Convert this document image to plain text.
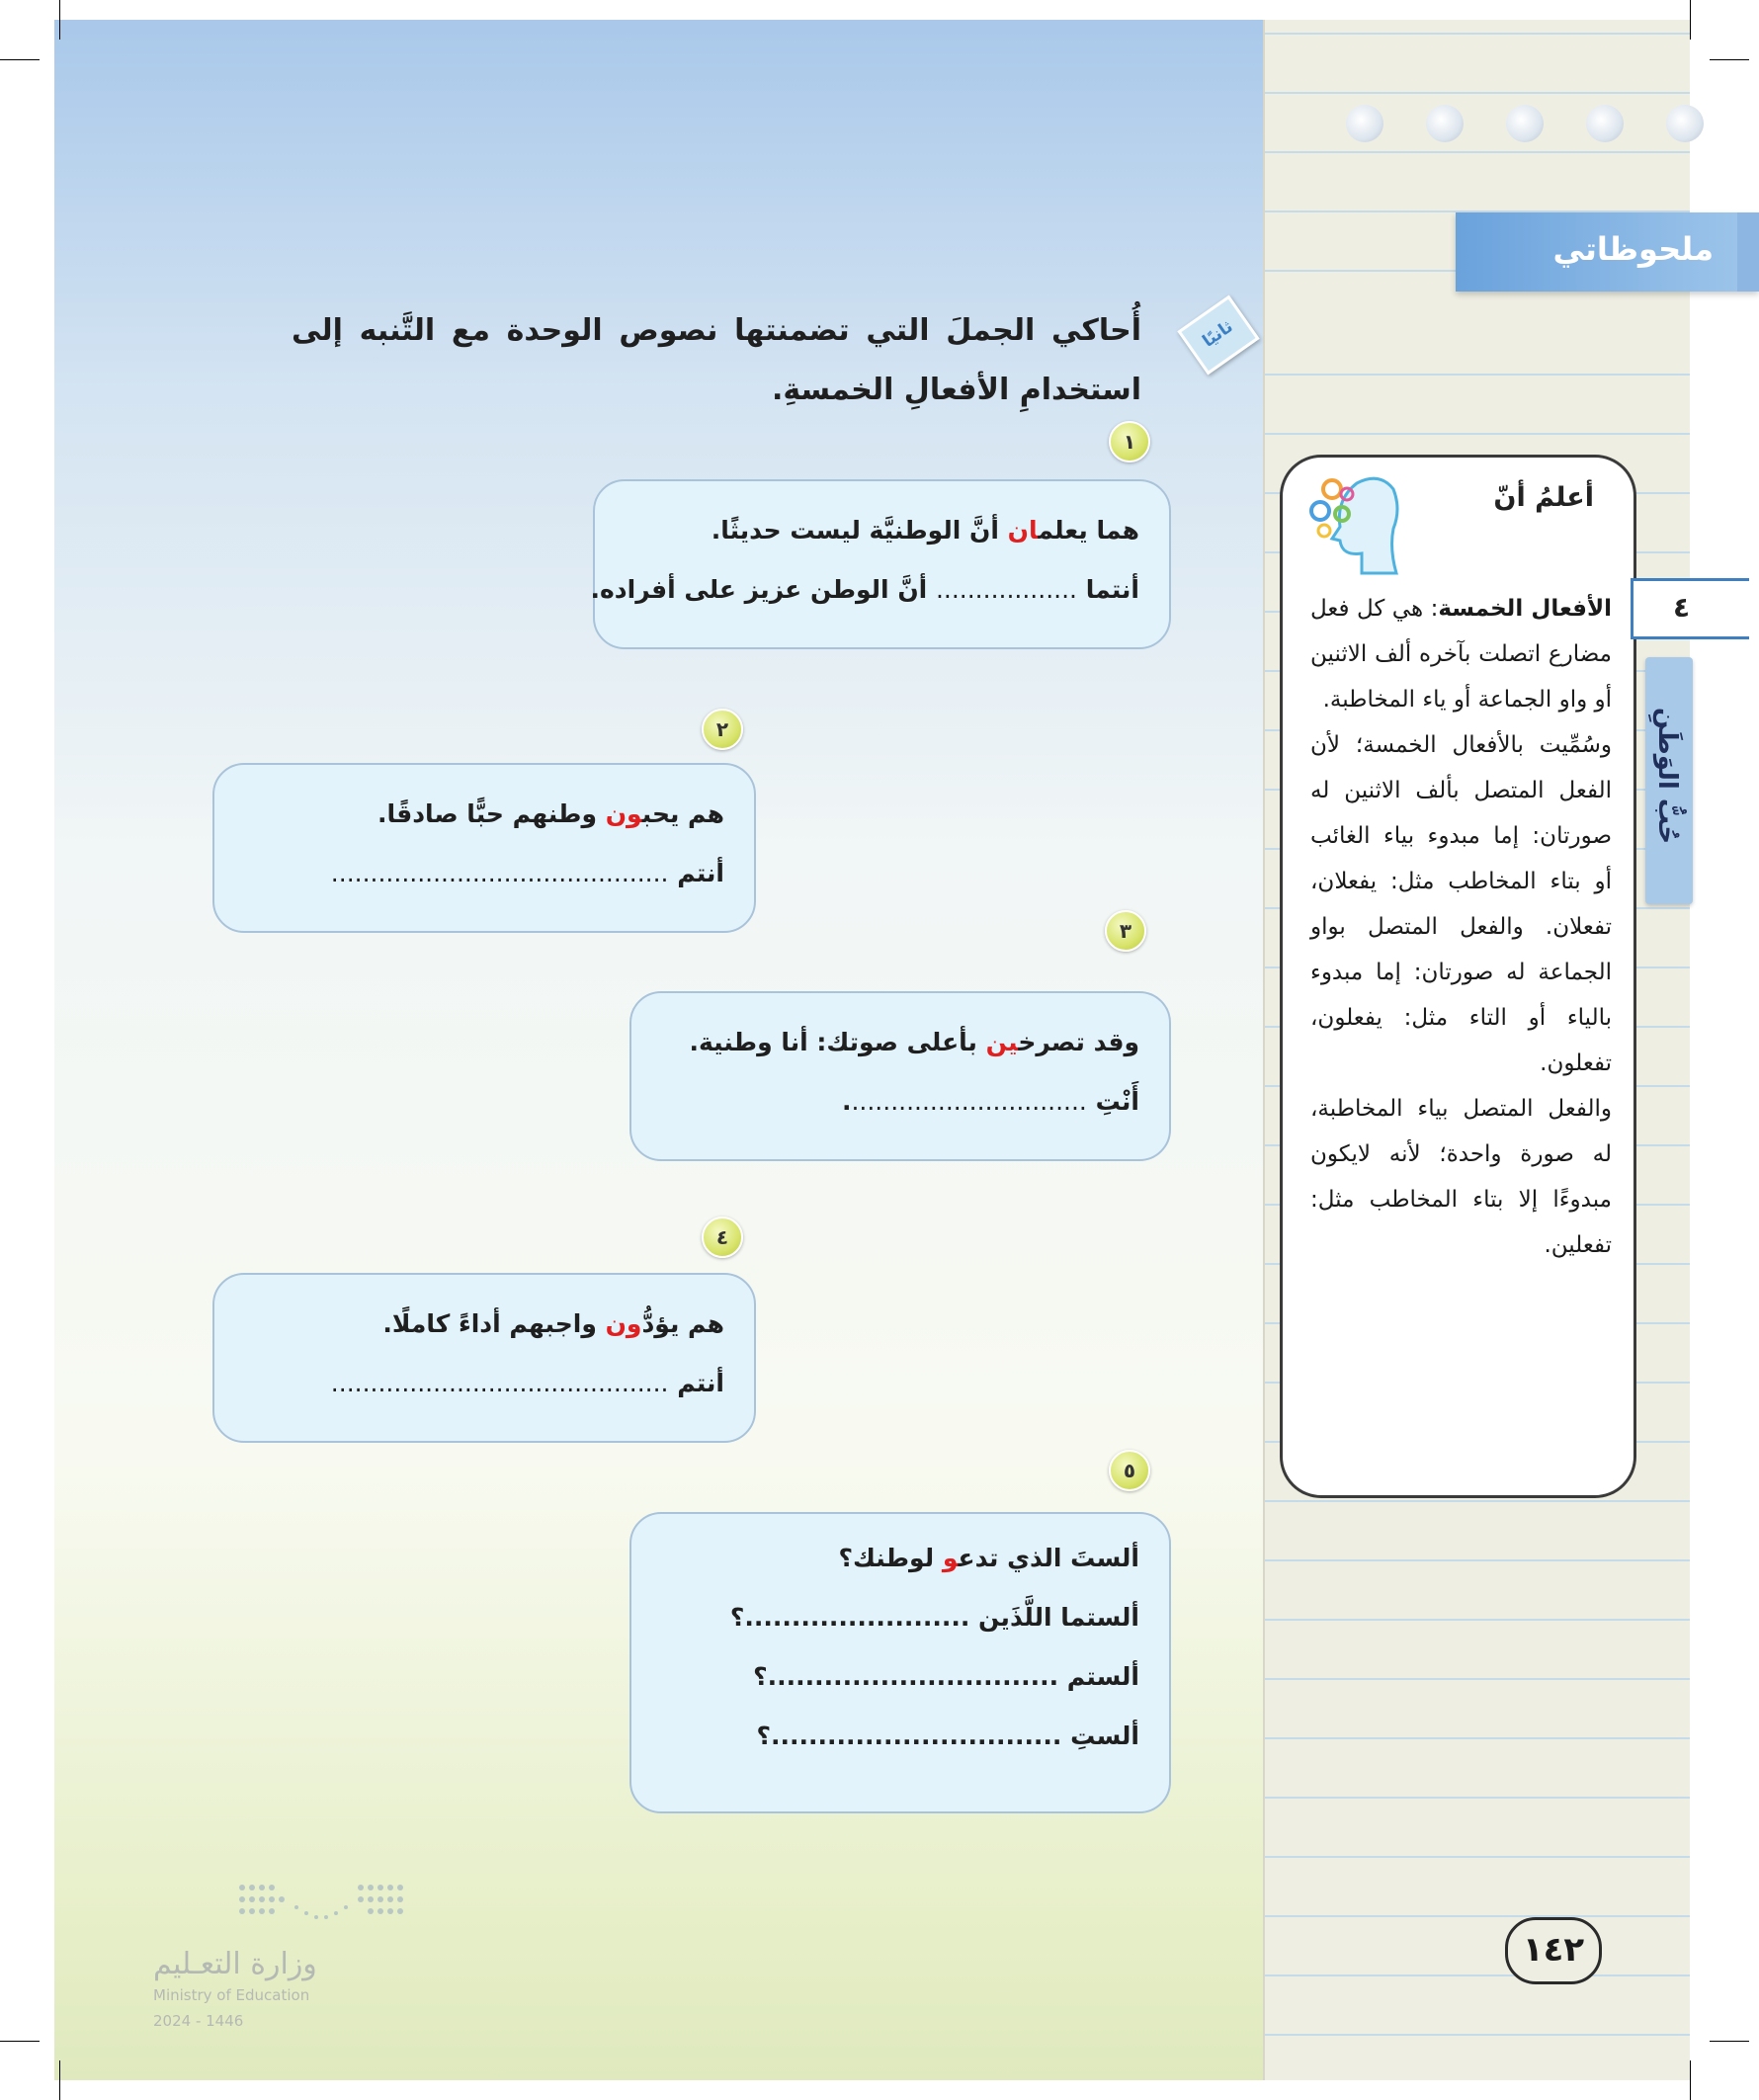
ثانيًا
أُحاكي الجملَ التي تضمنتها نصوص الوحدة مع التَّنبه إلى استخدامِ الأفعالِ الخمسةِ.
١
هما يعلمان أنَّ الوطنيَّة ليست حديثًا.
أنتما .................. أنَّ الوطن عزيز على أفراده.
٢
هم يحبون وطنهم حبًّا صادقًا.
أنتم ...........................................
٣
وقد تصرخين بأعلى صوتك: أنا وطنية.
أَنْتِ ...............................
٤
هم يؤدُّون واجبهم أداءً كاملًا.
أنتم ...........................................
٥
ألستَ الذي تدعو لوطنك؟
ألستما اللَّذَين ........................؟
ألستم ...............................؟
ألستِ ...............................؟
أعلمُ أنّ
الأفعال الخمسة: هي كل فعل مضارع اتصلت بآخره ألف الاثنين أو واو الجماعة أو ياء المخاطبة.
وسُمِّيت بالأفعال الخمسة؛ لأن الفعل المتصل بألف الاثنين له صورتان: إما مبدوء بياء الغائب أو بتاء المخاطب مثل: يفعلان، تفعلان. والفعل المتصل بواو الجماعة له صورتان: إما مبدوء بالياء أو التاء مثل: يفعلون، تفعلون.
والفعل المتصل بياء المخاطبة، له صورة واحدة؛ لأنه لايكون مبدوءًا إلا بتاء المخاطب مثل: تفعلين.
ملحوظاتي
٤
حُبُّ الوَطَنِ
١٤٢
وزارة التعـليم
Ministry of Education
2024 - 1446
